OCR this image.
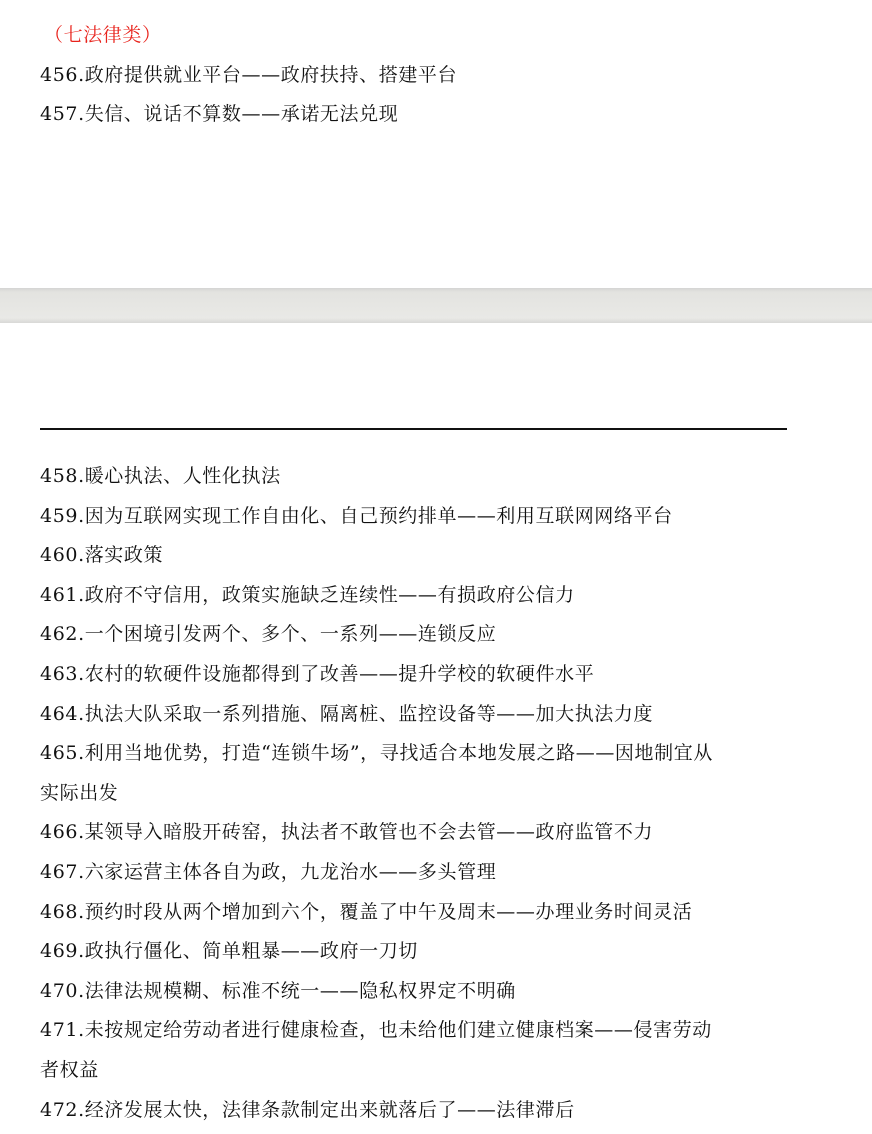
（七法律类）
456.政府提供就业平台——政府扶持、搭建平台
457.失信、说话不算数——承诺无法兑现
458.暖心执法、人性化执法
459.因为互联网实现工作自由化、自己预约排单——利用互联网网络平台
460.落实政策
461.政府不守信用，政策实施缺乏连续性——有损政府公信力
462.一个困境引发两个、多个、一系列——连锁反应
463.农村的软硬件设施都得到了改善——提升学校的软硬件水平
464.执法大队采取一系列措施、隔离桩、监控设备等——加大执法力度
465.利用当地优势，打造“连锁牛场”，寻找适合本地发展之路——因地制宜从
实际出发
466.某领导入暗股开砖窑，执法者不敢管也不会去管——政府监管不力
467.六家运营主体各自为政，九龙治水——多头管理
468.预约时段从两个增加到六个，覆盖了中午及周末——办理业务时间灵活
469.政执行僵化、简单粗暴——政府一刀切
470.法律法规模糊、标准不统一——隐私权界定不明确
471.未按规定给劳动者进行健康检查，也未给他们建立健康档案——侵害劳动
者权益
472.经济发展太快，法律条款制定出来就落后了——法律滞后
